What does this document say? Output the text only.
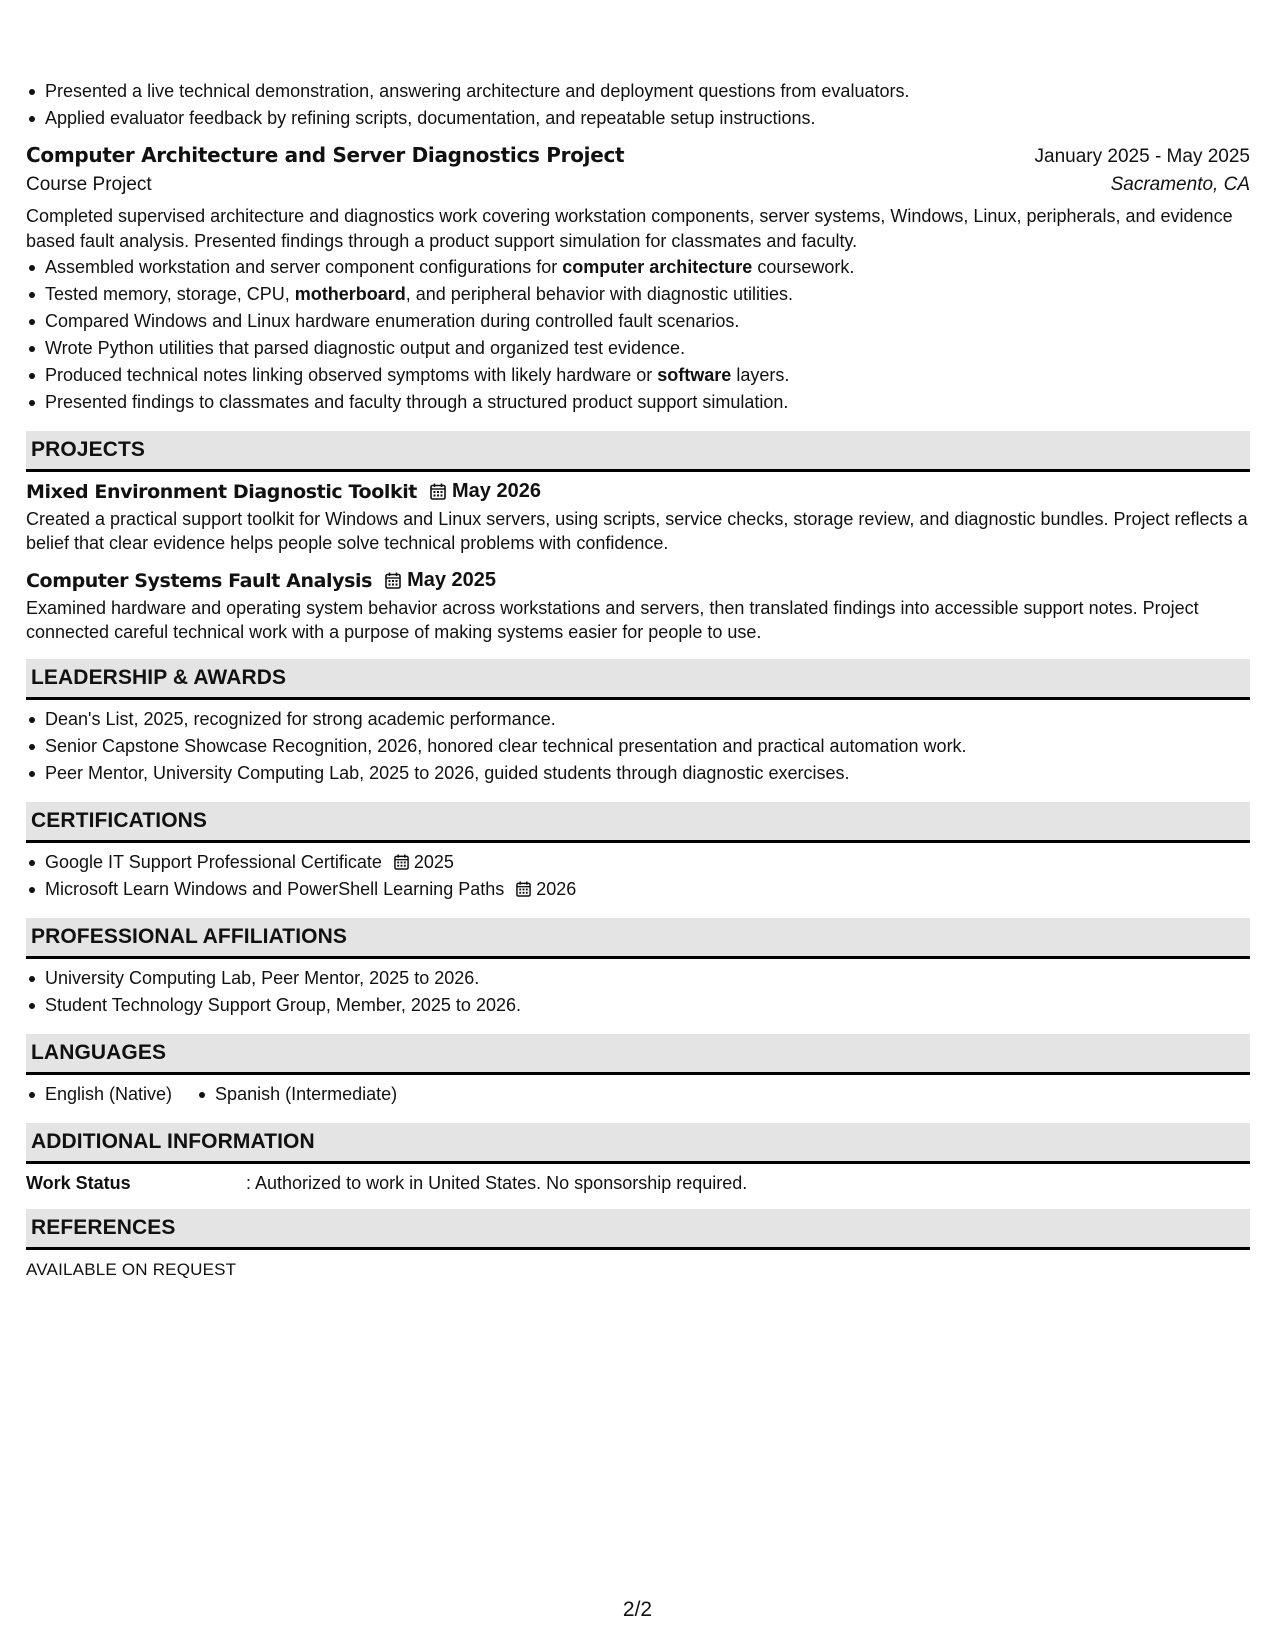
Presented a live technical demonstration, answering architecture and deployment questions from evaluators.
Applied evaluator feedback by refining scripts, documentation, and repeatable setup instructions.
Computer Architecture and Server Diagnostics Project	January 2025 - May 2025
Course Project	Sacramento, CA
Completed supervised architecture and diagnostics work covering workstation components, server systems, Windows, Linux, peripherals, and evidence based fault analysis. Presented findings through a product support simulation for classmates and faculty.
Assembled workstation and server component configurations for computer architecture coursework.
Tested memory, storage, CPU, motherboard, and peripheral behavior with diagnostic utilities.
Compared Windows and Linux hardware enumeration during controlled fault scenarios.
Wrote Python utilities that parsed diagnostic output and organized test evidence.
Produced technical notes linking observed symptoms with likely hardware or software layers.
Presented findings to classmates and faculty through a structured product support simulation.
PROJECTS
Mixed Environment Diagnostic Toolkit May 2026
Created a practical support toolkit for Windows and Linux servers, using scripts, service checks, storage review, and diagnostic bundles. Project reflects a belief that clear evidence helps people solve technical problems with confidence.
Computer Systems Fault Analysis May 2025
Examined hardware and operating system behavior across workstations and servers, then translated findings into accessible support notes. Project connected careful technical work with a purpose of making systems easier for people to use.
LEADERSHIP & AWARDS
Dean's List, 2025, recognized for strong academic performance.
Senior Capstone Showcase Recognition, 2026, honored clear technical presentation and practical automation work.
Peer Mentor, University Computing Lab, 2025 to 2026, guided students through diagnostic exercises.
CERTIFICATIONS
Google IT Support Professional Certificate 2025
Microsoft Learn Windows and PowerShell Learning Paths 2026
PROFESSIONAL AFFILIATIONS
University Computing Lab, Peer Mentor, 2025 to 2026.
Student Technology Support Group, Member, 2025 to 2026.
LANGUAGES
English (Native)	Spanish (Intermediate)
ADDITIONAL INFORMATION
Work Status	: Authorized to work in United States. No sponsorship required.
REFERENCES
AVAILABLE ON REQUEST
2/2
